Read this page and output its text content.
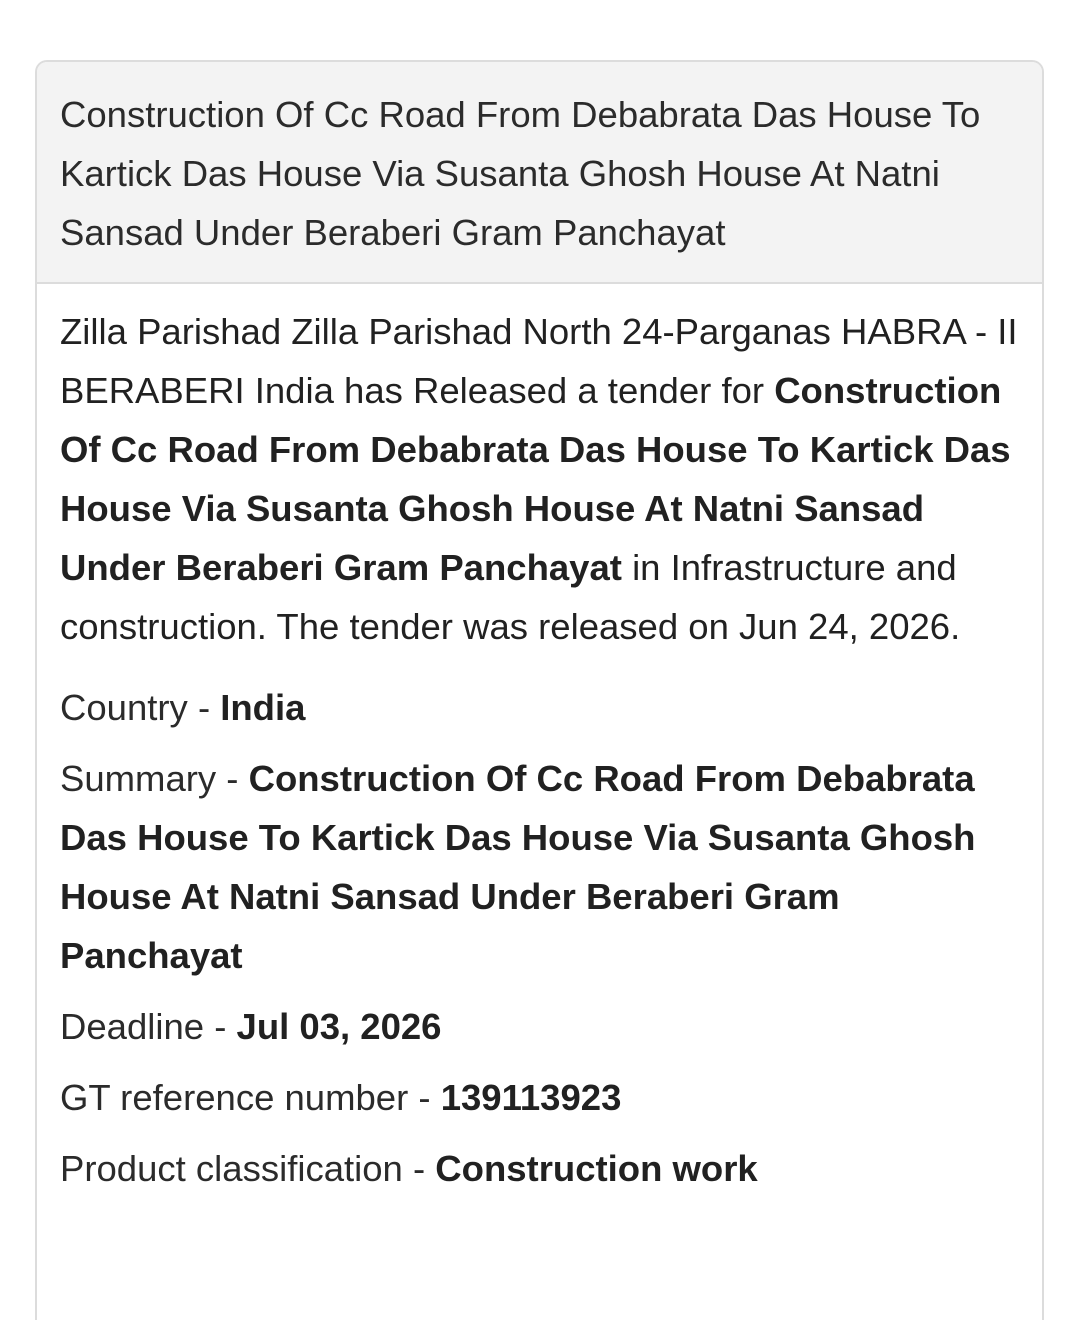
Construction Of Cc Road From Debabrata Das House To Kartick Das House Via Susanta Ghosh House At Natni Sansad Under Beraberi Gram Panchayat

Zilla Parishad Zilla Parishad North 24-Parganas HABRA - II BERABERI India has Released a tender for Construction Of Cc Road From Debabrata Das House To Kartick Das House Via Susanta Ghosh House At Natni Sansad Under Beraberi Gram Panchayat in Infrastructure and construction. The tender was released on Jun 24, 2026.

Country - India

Summary - Construction Of Cc Road From Debabrata Das House To Kartick Das House Via Susanta Ghosh House At Natni Sansad Under Beraberi Gram Panchayat

Deadline - Jul 03, 2026

GT reference number - 139113923

Product classification - Construction work
